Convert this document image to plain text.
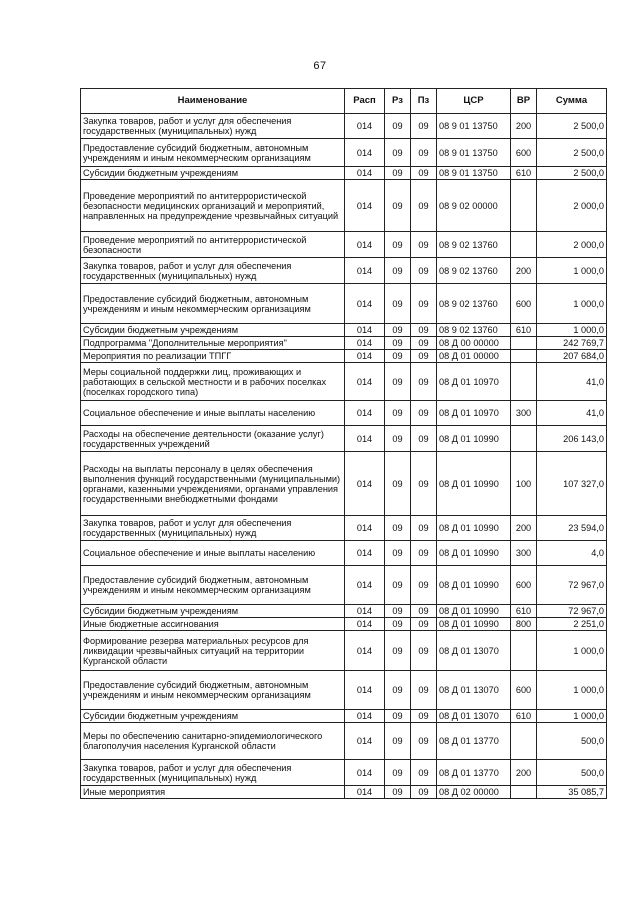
67
Наименование	Расп	Рз	Пз	ЦСР	ВР	Сумма
Закупка товаров, работ и услуг для обеспечения государственных (муниципальных) нужд	014	09	09	08 9 01 13750	200	2 500,0
Предоставление субсидий бюджетным, автономным учреждениям и иным некоммерческим организациям	014	09	09	08 9 01 13750	600	2 500,0
Субсидии бюджетным учреждениям	014	09	09	08 9 01 13750	610	2 500,0
Проведение мероприятий по антитеррористической безопасности медицинских организаций и мероприятий, направленных на предупреждение чрезвычайных ситуаций	014	09	09	08 9 02 00000		2 000,0
Проведение мероприятий по антитеррористической безопасности	014	09	09	08 9 02 13760		2 000,0
Закупка товаров, работ и услуг для обеспечения государственных (муниципальных) нужд	014	09	09	08 9 02 13760	200	1 000,0
Предоставление субсидий бюджетным, автономным учреждениям и иным некоммерческим организациям	014	09	09	08 9 02 13760	600	1 000,0
Субсидии бюджетным учреждениям	014	09	09	08 9 02 13760	610	1 000,0
Подпрограмма "Дополнительные мероприятия"	014	09	09	08 Д 00 00000		242 769,7
Мероприятия по реализации ТПГГ	014	09	09	08 Д 01 00000		207 684,0
Меры социальной поддержки лиц, проживающих и работающих в сельской местности и в рабочих поселках (поселках городского типа)	014	09	09	08 Д 01 10970		41,0
Социальное обеспечение и иные выплаты населению	014	09	09	08 Д 01 10970	300	41,0
Расходы на обеспечение деятельности (оказание услуг) государственных учреждений	014	09	09	08 Д 01 10990		206 143,0
Расходы на выплаты персоналу в целях обеспечения выполнения функций государственными (муниципальными) органами, казенными учреждениями, органами управления государственными внебюджетными фондами	014	09	09	08 Д 01 10990	100	107 327,0
Закупка товаров, работ и услуг для обеспечения государственных (муниципальных) нужд	014	09	09	08 Д 01 10990	200	23 594,0
Социальное обеспечение и иные выплаты населению	014	09	09	08 Д 01 10990	300	4,0
Предоставление субсидий бюджетным, автономным учреждениям и иным некоммерческим организациям	014	09	09	08 Д 01 10990	600	72 967,0
Субсидии бюджетным учреждениям	014	09	09	08 Д 01 10990	610	72 967,0
Иные бюджетные ассигнования	014	09	09	08 Д 01 10990	800	2 251,0
Формирование резерва материальных ресурсов для ликвидации чрезвычайных ситуаций на территории Курганской области	014	09	09	08 Д 01 13070		1 000,0
Предоставление субсидий бюджетным, автономным учреждениям и иным некоммерческим организациям	014	09	09	08 Д 01 13070	600	1 000,0
Субсидии бюджетным учреждениям	014	09	09	08 Д 01 13070	610	1 000,0
Меры по обеспечению санитарно-эпидемиологического благополучия населения Курганской области	014	09	09	08 Д 01 13770		500,0
Закупка товаров, работ и услуг для обеспечения государственных (муниципальных) нужд	014	09	09	08 Д 01 13770	200	500,0
Иные мероприятия	014	09	09	08 Д 02 00000		35 085,7
